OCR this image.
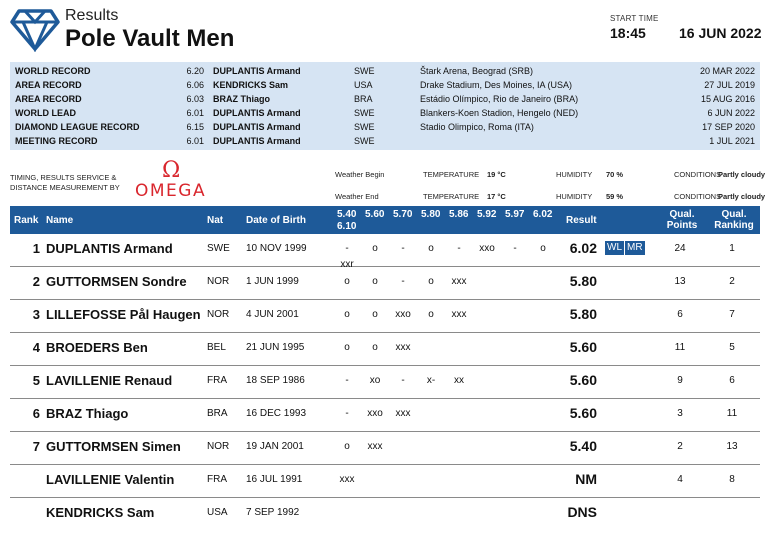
Results
Pole Vault Men
START TIME
18:45 16 JUN 2022
WORLD RECORD	6.20 DUPLANTIS Armand	SWE	Štark Arena, Beograd (SRB)	20 MAR 2022
AREA RECORD	6.06 KENDRICKS Sam	USA	Drake Stadium, Des Moines, IA (USA)	27 JUL 2019
AREA RECORD	6.03 BRAZ Thiago	BRA	Estádio Olímpico, Rio de Janeiro (BRA)	15 AUG 2016
WORLD LEAD	6.01 DUPLANTIS Armand	SWE	Blankers-Koen Stadion, Hengelo (NED)	6 JUN 2022
DIAMOND LEAGUE RECORD	6.15 DUPLANTIS Armand	SWE	Stadio Olimpico, Roma (ITA)	17 SEP 2020
MEETING RECORD	6.01 DUPLANTIS Armand	SWE	1 JUL 2021
TIMING, RESULTS SERVICE & DISTANCE MEASUREMENT BY
Ω
OMEGA
Weather Begin	TEMPERATURE 19 °C	HUMIDITY 70 %	CONDITIONS
Partly cloudy
Weather End	TEMPERATURE 17 °C	HUMIDITY 59 %	CONDITIONS
Partly cloudy
Rank Name	Nat Date of Birth
5.40 5.60 5.70 5.80 5.86 5.92 5.97 6.02
6.10
Result
Qual. Points
Qual. Ranking
1 DUPLANTIS Armand	SWE 10 NOV 1999	-	o	-	o	-	xxo	-	o
xxr
6.02 WL MR	24	1
2 GUTTORMSEN Sondre NOR 1 JUN 1999	o	o	-	o	xxx	5.80	13	2
3 LILLEFOSSE Pål Haugen NOR 4 JUN 2001	o	o	xxo	o	xxx	5.80	6	7
4 BROEDERS Ben	BEL 21 JUN 1995	o	o	xxx	5.60	11	5
5 LAVILLENIE Renaud	FRA 18 SEP 1986	-	xo	-	x-	xx	5.60	9	6
6 BRAZ Thiago	BRA 16 DEC 1993	-	xxo	xxx	5.60	3	11
7 GUTTORMSEN Simen	NOR 19 JAN 2001	o	xxx	5.40	2	13
LAVILLENIE Valentin	FRA 16 JUL 1991	xxx	NM	4	8
KENDRICKS Sam	USA 7 SEP 1992	DNS
